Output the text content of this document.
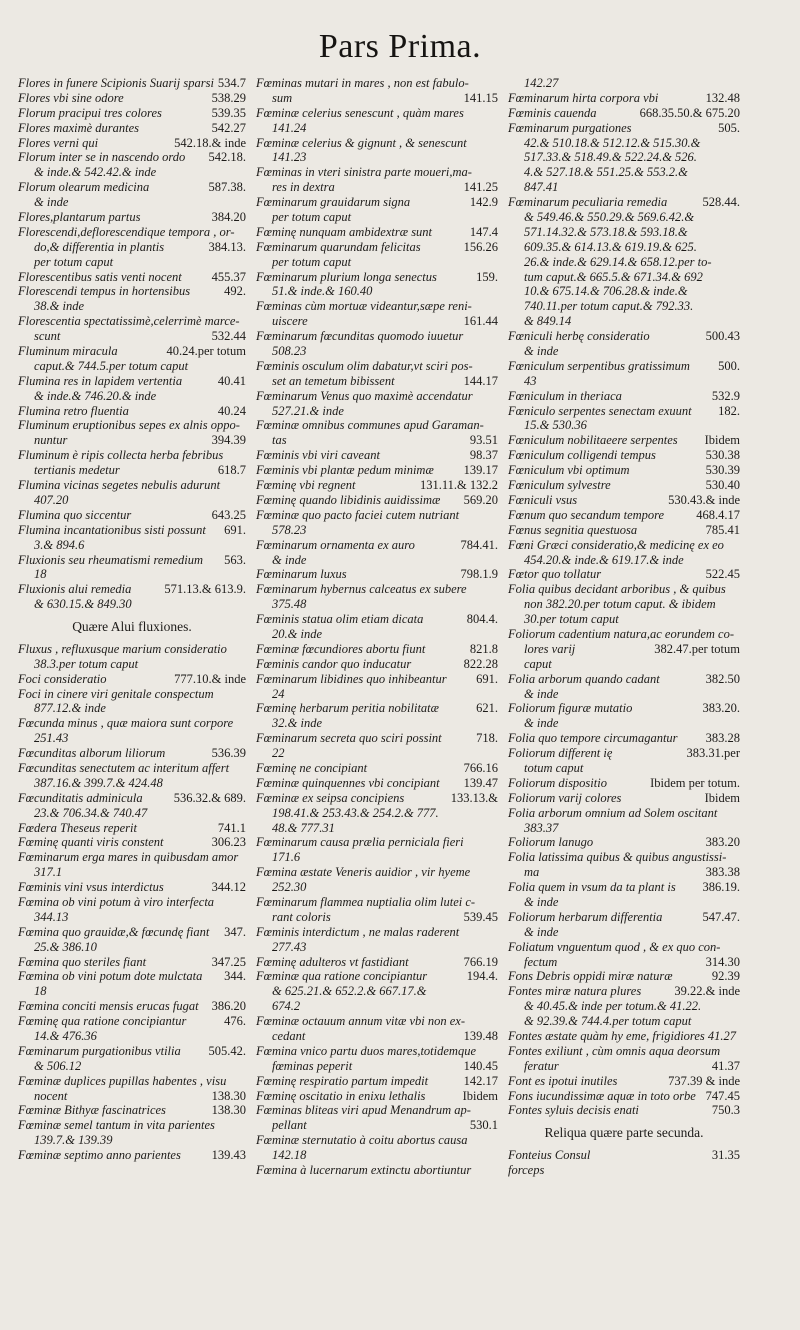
Pars Prima.
Flores in funere Scipionis Suarij sparsi 534.7
Flores vbi sine odore	538.29
Florum pracipui tres colores	539.35
Flores maximè durantes	542.27
Flores verni qui	542.18.& inde
Florum inter se in nascendo ordo 542.18.
& inde.& 542.42.& inde
Florum olearum medicina	587.38.
& inde
Flores,plantarum partus	384.20
Florescendi,deflorescendique tempora , or-
do,& differentia in plantis	384.13.
per totum caput
Florescentibus satis venti nocent 455.37
Florescendi tempus in hortensibus	492.
38.& inde
Florescentia spectatissimè,celerrimè marce-
scunt	532.44
Fluminum miracula	40.24.per totum
caput.& 744.5.per totum caput
Flumina res in lapidem vertentia	40.41
& inde.& 746.20.& inde
Flumina retro fluentia	40.24
Fluminum eruptionibus sepes ex alnis oppo-
nuntur	394.39
Fluminum è ripis collecta herba febribus
tertianis medetur	618.7
Flumina vicinas segetes nebulis adurunt
407.20
Flumina quo siccentur	643.25
Flumina incantationibus sisti possunt 691.
3.& 894.6
Fluxionis seu rheumatismi remedium 563.
18
Fluxionis alui remedia	571.13.& 613.9.
& 630.15.& 849.30
Quære Alui fluxiones.
Fluxus , refluxusque marium consideratio
38.3.per totum caput
Foci consideratio	777.10.& inde
Foci in cinere viri genitale conspectum
877.12.& inde
Fœcunda minus , quæ maiora sunt corpore
251.43
Fœcunditas alborum liliorum	536.39
Fœcunditas senectutem ac interitum affert
387.16.& 399.7.& 424.48
Fœcunditatis adminicula 536.32.& 689.
23.& 706.34.& 740.47
Fœdera Theseus reperit	741.1
Fœminę quanti viris constent	306.23
Fœminarum erga mares in quibusdam amor
317.1
Fœminis vini vsus interdictus	344.12
Fœmina ob vini potum à viro interfecta
344.13
Fœmina quo grauidæ,& fœcundę fiant 347.
25.& 386.10
Fœmina quo steriles fiant	347.25
Fœmina ob vini potum dote mulctata 344.
18
Fœmina conciti mensis erucas fugat 386.20
Fœminę qua ratione concipiantur	476.
14.& 476.36
Fœminarum purgationibus vtilia 505.42.
& 506.12
Fœminæ duplices pupillas habentes , visu
nocent	138.30
Fœminæ Bithyæ fascinatrices	138.30
Fœminæ semel tantum in vita parientes
139.7.& 139.39
Fœminæ septimo anno parientes 139.43
Fœminas mutari in mares , non est fabulo-
sum	141.15
Fœminæ celerius senescunt , quàm mares
141.24
Fœminæ celerius & gignunt , & senescunt
141.23
Fœminas in vteri sinistra parte moueri,ma-
res in dextra	141.25
Fœminarum grauidarum signa	142.9
per totum caput
Fœminę nunquam ambidextræ sunt	147.4
Fœminarum quarundam felicitas	156.26
per totum caput
Fœminarum plurium longa senectus	159.
51.& inde.& 160.40
Fœminas cùm mortuæ videantur,sæpe reni-
uiscere	161.44
Fœminarum fœcunditas quomodo iuuetur
508.23
Fœminis osculum olim dabatur,vt sciri pos-
set an temetum bibissent	144.17
Fœminarum Venus quo maximè accendatur
527.21.& inde
Fœminæ omnibus communes apud Garaman-
tas	93.51
Fœminis vbi viri caveant	98.37
Fœminis vbi plantæ pedum minimæ 139.17
Fœminę vbi regnent	131.11.& 132.2
Fœminę quando libidinis auidissimæ 569.20
Fœminæ quo pacto faciei cutem nutriant
578.23
Fœminarum ornamenta ex auro	784.41.
& inde
Fœminarum luxus	798.1.9
Fœminarum hybernus calceatus ex subere
375.48
Fœminis statua olim etiam dicata	804.4.
20.& inde
Fœminæ fœcundiores abortu fiunt	821.8
Fœminis candor quo inducatur	822.28
Fœminarum libidines quo inhibeantur 691.
24
Fœminę herbarum peritia nobilitatæ	621.
32.& inde
Fœminarum secreta quo sciri possint	718.
22
Fœminę ne concipiant	766.16
Fœminæ quinquennes vbi concipiant 139.47
Fœminæ ex seipsa concipiens	133.13.&
198.41.& 253.43.& 254.2.& 777.
48.& 777.31
Fœminarum causa prælia perniciala fieri
171.6
Fœmina æstate Veneris auidior , vir hyeme
252.30
Fœminarum flammea nuptialia olim lutei c-
rant coloris	539.45
Fœminis interdictum , ne malas raderent
277.43
Fœminę adulteros vt fastidiant	766.19
Fœminæ qua ratione concipiantur	194.4.
& 625.21.& 652.2.& 667.17.&
674.2
Fœminæ octauum annum vitæ vbi non ex-
cedant	139.48
Fœmina vnico partu duos mares,totidemque
fœminas peperit	140.45
Fœminę respiratio partum impedit	142.17
Fœminę oscitatio in enixu lethalis	Ibidem
Fœminas bliteas viri apud Menandrum ap-
pellant	530.1
Fœminæ sternutatio à coitu abortus causa
142.18
Fœmina à lucernarum extinctu abortiuntur
142.27
Fœminarum hirta corpora vbi	132.48
Fœminis cauenda	668.35.50.& 675.20
Fœminarum purgationes	505.
42.& 510.18.& 512.12.& 515.30.&
517.33.& 518.49.& 522.24.& 526.
4.& 527.18.& 551.25.& 553.2.&
847.41
Fœminarum peculiaria remedia	528.44.
& 549.46.& 550.29.& 569.6.42.&
571.14.32.& 573.18.& 593.18.&
609.35.& 614.13.& 619.19.& 625.
26.& inde.& 629.14.& 658.12.per to-
tum caput.& 665.5.& 671.34.& 692
10.& 675.14.& 706.28.& inde.&
740.11.per totum caput.& 792.33.
& 849.14
Fœniculi herbę consideratio	500.43
& inde
Fœniculum serpentibus gratissimum 500.
43
Fœniculum in theriaca	532.9
Fœniculo serpentes senectam exuunt 182.
15.& 530.36
Fœniculum nobilitaeere serpentes Ibidem
Fœniculum colligendi tempus	530.38
Fœniculum vbi optimum	530.39
Fœniculum sylvestre	530.40
Fœniculi vsus	530.43.& inde
Fœnum quo secandum tempore	468.4.17
Fœnus segnitia questuosa	785.41
Fœni Græci consideratio,& medicinę ex eo
454.20.& inde.& 619.17.& inde
Fœtor quo tollatur	522.45
Folia quibus decidant arboribus , & quibus
non 382.20.per totum caput. & ibidem
30.per totum caput
Foliorum cadentium natura,ac eorundem co-
lores varij	382.47.per totum
caput
Folia arborum quando cadant	382.50
& inde
Foliorum figuræ mutatio	383.20.
& inde
Folia quo tempore circumagantur 383.28
Foliorum different ię	383.31.per
totum caput
Foliorum dispositio	Ibidem per totum.
Foliorum varij colores	Ibidem
Folia arborum omnium ad Solem oscitant
383.37
Foliorum lanugo	383.20
Folia latissima quibus & quibus angustissi-
ma	383.38
Folia quem in vsum da ta plant is 386.19.
& inde
Foliorum herbarum differentia	547.47.
& inde
Foliatum vnguentum quod , & ex quo con-
fectum	314.30
Fons Debris oppidi miræ naturæ	92.39
Fontes miræ natura plures	39.22.& inde
& 40.45.& inde per totum.& 41.22.
& 92.39.& 744.4.per totum caput
Fontes æstate quàm hy eme, frigidiores 41.27
Fontes exiliunt , cùm omnis aqua deorsum
feratur	41.37
Font es ipotui inutiles	737.39 & inde
Fons iucundissimæ aquæ in toto orbe 747.45
Fontes syluis decisis enati	750.3
Reliqua quære parte secunda.
Fonteius Consul	31.35
forceps
